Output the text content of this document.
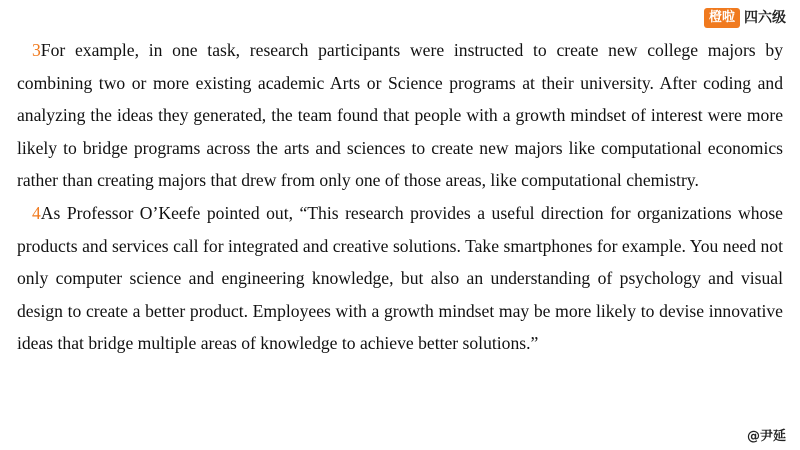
橙啦 四六级

3For example, in one task, research participants were instructed to create new college majors by combining two or more existing academic Arts or Science programs at their university. After coding and analyzing the ideas they generated, the team found that people with a growth mindset of interest were more likely to bridge programs across the arts and sciences to create new majors like computational economics rather than creating majors that drew from only one of those areas, like computational chemistry.

4As Professor O’Keefe pointed out, “This research provides a useful direction for organizations whose products and services call for integrated and creative solutions. Take smartphones for example. You need not only computer science and engineering knowledge, but also an understanding of psychology and visual design to create a better product. Employees with a growth mindset may be more likely to devise innovative ideas that bridge multiple areas of knowledge to achieve better solutions.”

@尹延
